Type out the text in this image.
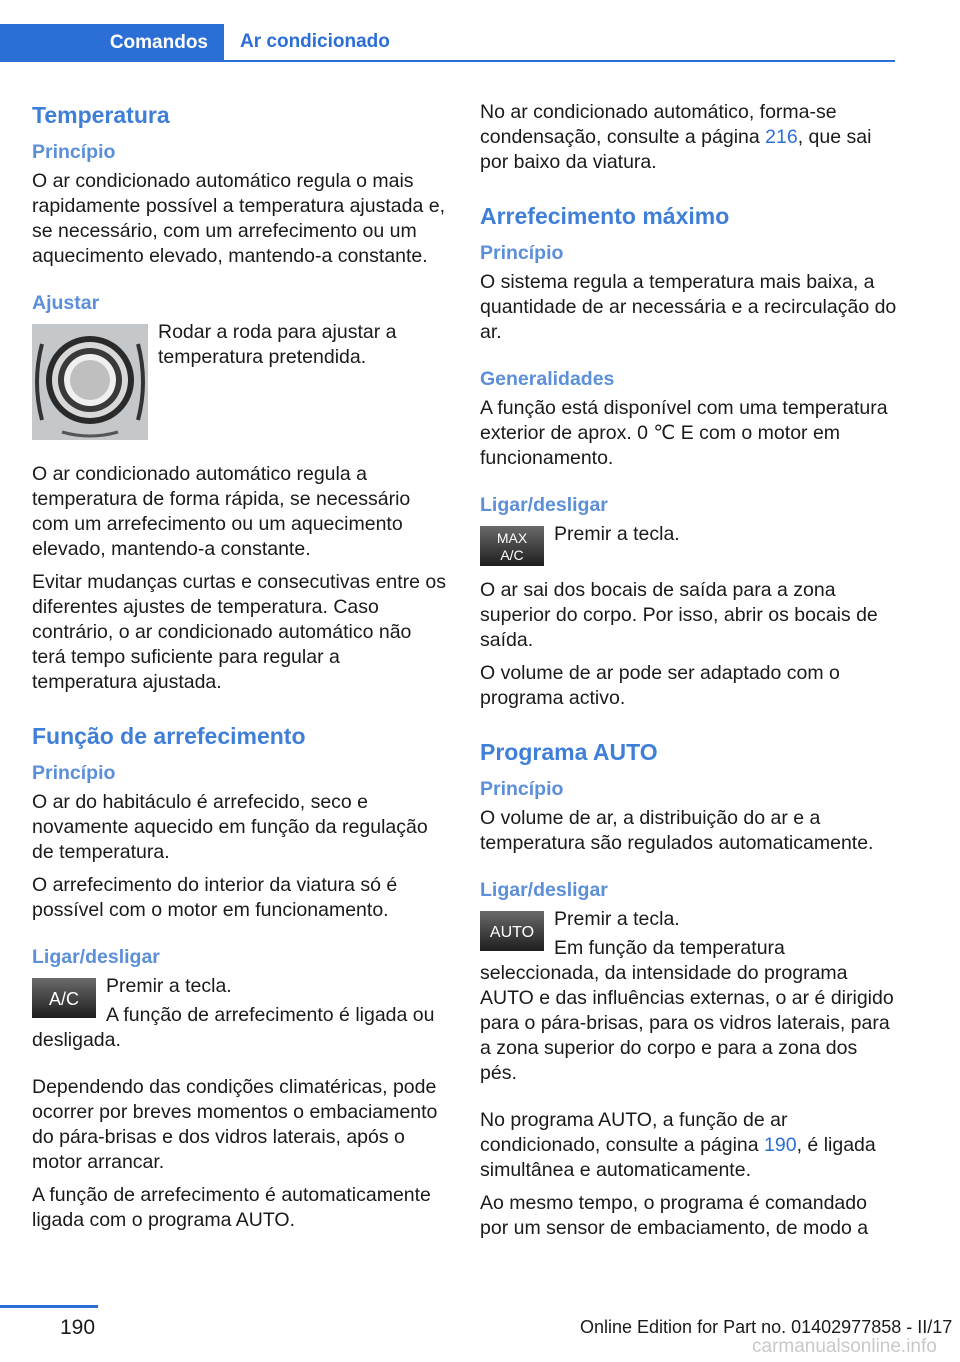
Comandos	Ar condicionado
Temperatura
Princípio

O ar condicionado automático regula o mais rapidamente possível a temperatura ajustada e, se necessário, com um arrefecimento ou um aquecimento elevado, mantendo-a constante.

Ajustar

Rodar a roda para ajustar a temperatura pretendida.

O ar condicionado automático regula a temperatura de forma rápida, se necessário com um arrefecimento ou um aquecimento elevado, mantendo-a constante.

Evitar mudanças curtas e consecutivas entre os diferentes ajustes de temperatura. Caso contrário, o ar condicionado automático não terá tempo suficiente para regular a temperatura ajustada.

Função de arrefecimento
Princípio

O ar do habitáculo é arrefecido, seco e novamente aquecido em função da regulação de temperatura.

O arrefecimento do interior da viatura só é possível com o motor em funcionamento.

Ligar/desligar
A/C

Premir a tecla.

A função de arrefecimento é ligada ou desligada.

Dependendo das condições climatéricas, pode ocorrer por breves momentos o embaciamento do pára-brisas e dos vidros laterais, após o motor arrancar.

A função de arrefecimento é automaticamente ligada com o programa AUTO.

No ar condicionado automático, forma-se condensação, consulte a página 216, que sai por baixo da viatura.

Arrefecimento máximo
Princípio

O sistema regula a temperatura mais baixa, a quantidade de ar necessária e a recirculação do ar.

Generalidades

A função está disponível com uma temperatura exterior de aprox. 0 ℃ E com o motor em funcionamento.

Ligar/desligar
MAX
A/C

Premir a tecla.

O ar sai dos bocais de saída para a zona superior do corpo. Por isso, abrir os bocais de saída.

O volume de ar pode ser adaptado com o programa activo.

Programa AUTO
Princípio

O volume de ar, a distribuição do ar e a temperatura são regulados automaticamente.

Ligar/desligar
AUTO

Premir a tecla.

Em função da temperatura seleccionada, da intensidade do programa AUTO e das influências externas, o ar é dirigido para o pára-brisas, para os vidros laterais, para a zona superior do corpo e para a zona dos pés.

No programa AUTO, a função de ar condicionado, consulte a página 190, é ligada simultânea e automaticamente.

Ao mesmo tempo, o programa é comandado por um sensor de embaciamento, de modo a

190	Online Edition for Part no. 01402977858 - II/17
carmanualsonline.info
